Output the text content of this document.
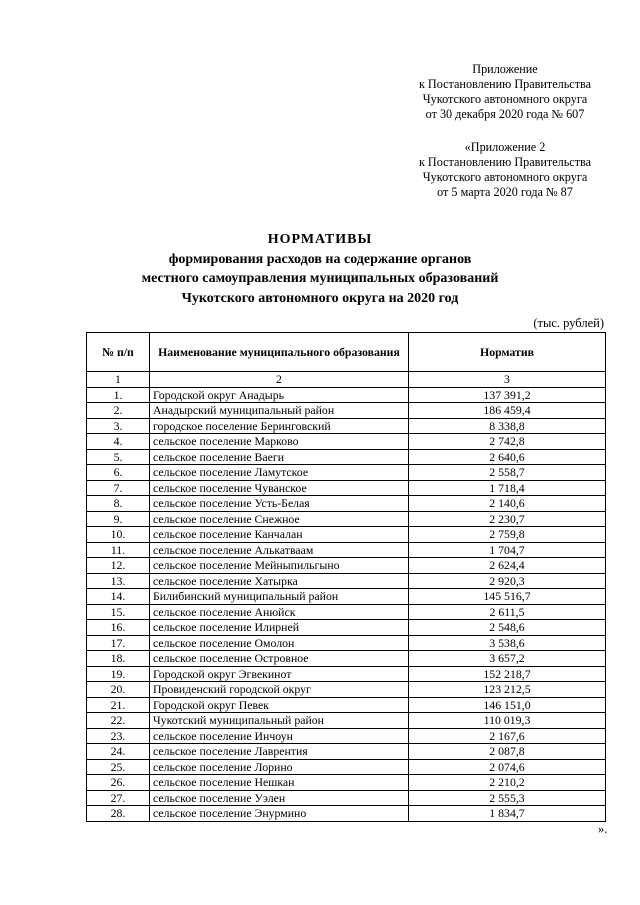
Приложение

к Постановлению Правительства

Чукотского автономного округа

от 30 декабря 2020 года № 607

«Приложение 2

к Постановлению Правительства

Чукотского автономного округа

от 5 марта 2020 года № 87

НОРМАТИВЫ
формирования расходов на содержание органов
местного самоуправления муниципальных образований
Чукотского автономного округа на 2020 год
(тыс. рублей)
№ п/п	Наименование муниципального образования	Норматив
1	2	3
1.	Городской округ Анадырь	137 391,2
2.	Анадырский муниципальный район	186 459,4
3.	городское поселение Беринговский	8 338,8
4.	сельское поселение Марково	2 742,8
5.	сельское поселение Ваеги	2 640,6
6.	сельское поселение Ламутское	2 558,7
7.	сельское поселение Чуванское	1 718,4
8.	сельское поселение Усть-Белая	2 140,6
9.	сельское поселение Снежное	2 230,7
10.	сельское поселение Канчалан	2 759,8
11.	сельское поселение Алькатваам	1 704,7
12.	сельское поселение Мейныпильгыно	2 624,4
13.	сельское поселение Хатырка	2 920,3
14.	Билибинский муниципальный район	145 516,7
15.	сельское поселение Анюйск	2 611,5
16.	сельское поселение Илирней	2 548,6
17.	сельское поселение Омолон	3 538,6
18.	сельское поселение Островное	3 657,2
19.	Городской округ Эгвекинот	152 218,7
20.	Провиденский городской округ	123 212,5
21.	Городской округ Певек	146 151,0
22.	Чукотский муниципальный район	110 019,3
23.	сельское поселение Инчоун	2 167,6
24.	сельское поселение Лаврентия	2 087,8
25.	сельское поселение Лорино	2 074,6
26.	сельское поселение Нешкан	2 210,2
27.	сельское поселение Уэлен	2 555,3
28.	сельское поселение Энурмино	1 834,7
».
